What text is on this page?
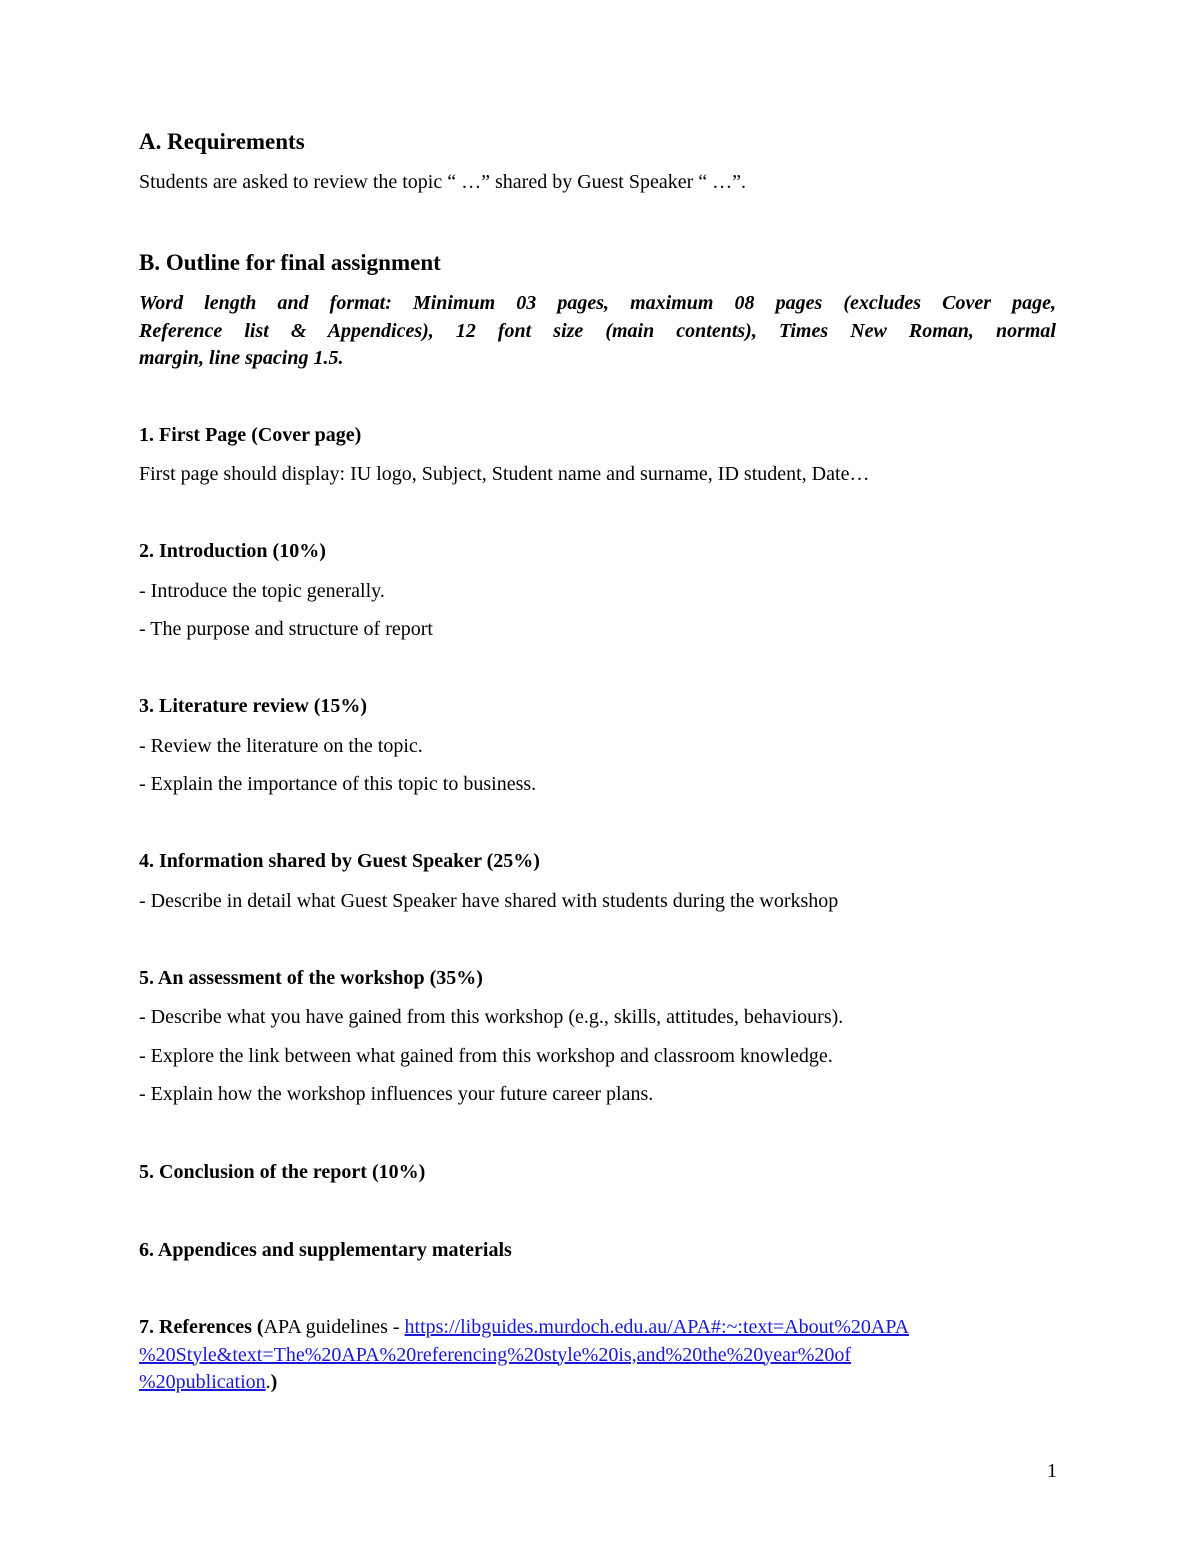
A. Requirements
Students are asked to review the topic “ …” shared by Guest Speaker “ …”.
B. Outline for final assignment
Word length and format: Minimum 03 pages, maximum 08 pages (excludes Cover page,
Reference list & Appendices), 12 font size (main contents), Times New Roman, normal
margin, line spacing 1.5.
1. First Page (Cover page)
First page should display: IU logo, Subject, Student name and surname, ID student, Date…
2. Introduction (10%)
- Introduce the topic generally.
- The purpose and structure of report
3. Literature review (15%)
- Review the literature on the topic.
- Explain the importance of this topic to business.
4. Information shared by Guest Speaker (25%)
- Describe in detail what Guest Speaker have shared with students during the workshop
5. An assessment of the workshop (35%)
- Describe what you have gained from this workshop (e.g., skills, attitudes, behaviours).
- Explore the link between what gained from this workshop and classroom knowledge.
- Explain how the workshop influences your future career plans.
5. Conclusion of the report (10%)
6. Appendices and supplementary materials
7. References (APA guidelines - https://libguides.murdoch.edu.au/APA#:~:text=About%20APA
%20Style&text=The%20APA%20referencing%20style%20is,and%20the%20year%20of
%20publication.)
1
